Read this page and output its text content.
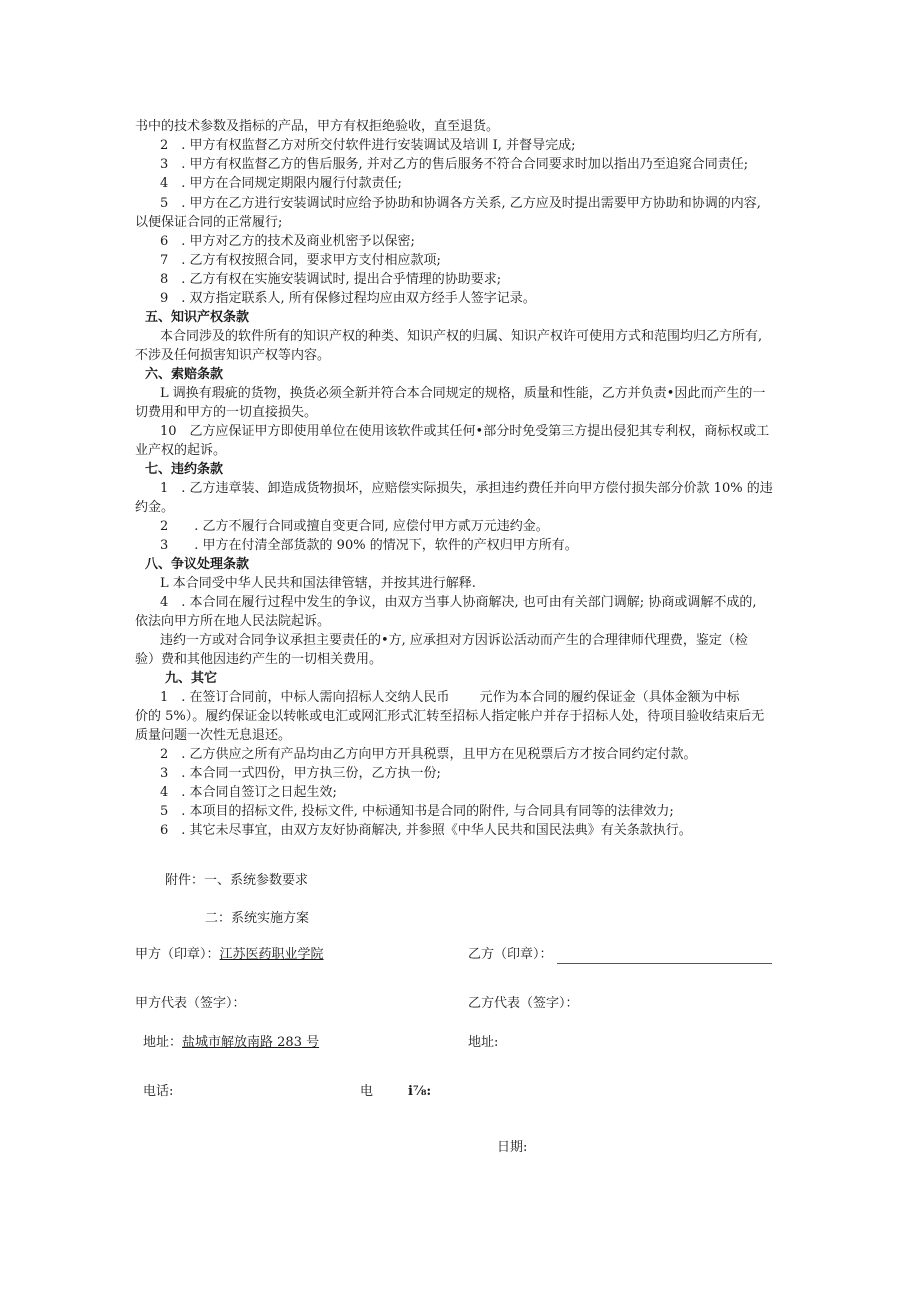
书中的技术参数及指标的产品，甲方有权拒绝验收，直至退货。
2　. 甲方有权监督乙方对所交付软件进行安装调试及培训 I, 并督导完成;
3　. 甲方有权监督乙方的售后服务, 并对乙方的售后服务不符合合同要求时加以指出乃至追窕合同责任;
4　. 甲方在合同规定期限内履行付款责任;
5　. 甲方在乙方进行安装调试时应给予协助和协调各方关系, 乙方应及时提出需要甲方协助和协调的内容,
以便保证合同的正常履行;
6　. 甲方对乙方的技术及商业机密予以保密;
7　. 乙方有权按照合同，要求甲方支付相应款项;
8　. 乙方有权在实施安装调试时, 提出合乎情理的协助要求;
9　. 双方指定联系人, 所有保修过程均应由双方经手人签字记录。
五、知识产权条款
本合同涉及的软件所有的知识产权的种类、知识产权的归属、知识产权许可使用方式和范围均归乙方所有,
不涉及任何损害知识产权等内容。
六、索赔条款
L 调换有瑕疵的货物，换货必须全新并符合本合同规定的规格，质量和性能，乙方并负责•因此而产生的一
切费用和甲方的一切直接损失。
10　乙方应保证甲方即使用单位在使用该软件或其任何•部分时免受第三方提出侵犯其专利权，商标权或工
业产权的起诉。
七、违约条款
1　. 乙方违章装、卸造成货物损坏，应赔偿实际损失，承担违约费任并向甲方偿付损失部分价款 10% 的违
约金。
2　　. 乙方不履行合同或擅自变更合同, 应偿付甲方贰万元违约金。
3　　. 甲方在付清全部货款的 90% 的情况下，软件的产权归甲方所有。
八、争议处理条款
L 本合同受中华人民共和国法律管辖，并按其进行解释.
4　. 本合同在履行过程中发生的争议，由双方当事人协商解决, 也可由有关部门调解; 协商或调解不成的,
依法向甲方所在地人民法院起诉。
违约一方或对合同争议承担主要责任的•方, 应承担对方因诉讼活动而产生的合理律师代理费，鉴定（检
验）费和其他因违约产生的一切相关费用。
九、其它
1　. 在签订合同前，中标人需向招标人交纳人民币　　 元作为本合同的履约保证金（具体金额为中标
价的 5%）。履约保证金以转帐或电汇或网汇形式汇转至招标人指定帐户并存于招标人处，待项目验收结束后无
质量问题一次性无息退还。
2　. 乙方供应之所有产品均由乙方向甲方开具税票，且甲方在见税票后方才按合同约定付款。
3　. 本合同一式四份，甲方执三份，乙方执一份;
4　. 本合同自签订之日起生效;
5　. 本项目的招标文件, 投标文件, 中标通知书是合同的附件, 与合同具有同等的法律效力;
6　. 其它未尽事宜，由双方友好协商解决, 并参照《中华人民共和国民法典》有关条款执行。
附件：一、系统参数要求
二：系统实施方案
甲方（印章）：江苏医药职业学院	乙方（印章）：
甲方代表（签字）：	乙方代表（签字）：
地址：盐城市解放南路 283 号	地址:
电话:	电	i⅞:
日期:
